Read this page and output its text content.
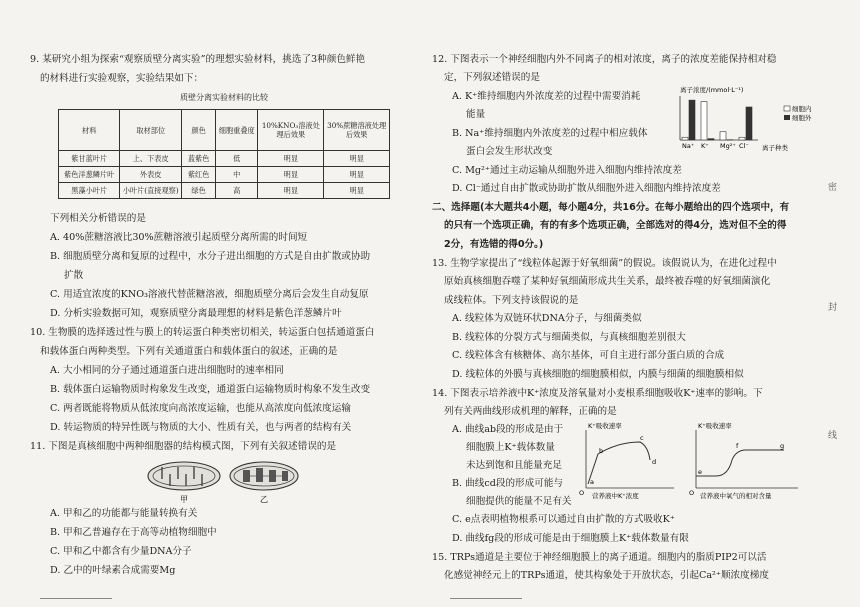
9. 某研究小组为探索“观察质壁分离实验”的理想实验材料，挑选了3种颜色鲜艳
的材料进行实验观察，实验结果如下：
质壁分离实验材料的比较
材料	取材部位	颜色	细胞重叠度	10%KNO₃溶液处理后效果	30%蔗糖溶液处理后效果
紫甘蓝叶片	上、下表皮	蓝紫色	低	明显	明显
紫色洋葱鳞片叶	外表皮	紫红色	中	明显	明显
黑藻小叶片	小叶片(直接观察)	绿色	高	明显	明显
下列相关分析错误的是
A. 40%蔗糖溶液比30%蔗糖溶液引起质壁分离所需的时间短
B. 细胞质壁分离和复原的过程中，水分子进出细胞的方式是自由扩散或协助
扩散
C. 用适宜浓度的KNO₃溶液代替蔗糖溶液，细胞质壁分离后会发生自动复原
D. 分析实验数据可知，观察质壁分离最理想的材料是紫色洋葱鳞片叶
10. 生物膜的选择透过性与膜上的转运蛋白种类密切相关，转运蛋白包括通道蛋白
和载体蛋白两种类型。下列有关通道蛋白和载体蛋白的叙述，正确的是
A. 大小相同的分子通过通道蛋白进出细胞时的速率相同
B. 载体蛋白运输物质时构象发生改变，通道蛋白运输物质时构象不发生改变
C. 两者既能将物质从低浓度向高浓度运输，也能从高浓度向低浓度运输
D. 转运物质的特异性既与物质的大小、性质有关，也与两者的结构有关
11. 下图是真核细胞中两种细胞器的结构模式图，下列有关叙述错误的是
甲	乙
A. 甲和乙的功能都与能量转换有关
B. 甲和乙普遍存在于高等动植物细胞中
C. 甲和乙中都含有少量DNA分子
D. 乙中的叶绿素合成需要Mg
12. 下图表示一个神经细胞内外不同离子的相对浓度，离子的浓度差能保持相对稳
定，下列叙述错误的是
A. K⁺维持细胞内外浓度差的过程中需要消耗
能量
B. Na⁺维持细胞内外浓度差的过程中相应载体
蛋白会发生形状改变
C. Mg²⁺通过主动运输从细胞外进入细胞内维持浓度差
D. Cl⁻通过自由扩散或协助扩散从细胞外进入细胞内维持浓度差
离子浓度/(mmol·L⁻¹)
Na⁺ K⁺ Mg²⁺ Cl⁻ 离子种类
细胞内
细胞外
二、选择题(本大题共4小题，每小题4分，共16分。在每小题给出的四个选项中，有
的只有一个选项正确，有的有多个选项正确，全部选对的得4分，选对但不全的得
2分，有选错的得0分。)
13. 生物学家提出了“线粒体起源于好氧细菌”的假说。该假说认为，在进化过程中
原始真核细胞吞噬了某种好氧细菌形成共生关系，最终被吞噬的好氧细菌演化
成线粒体。下列支持该假说的是
A. 线粒体为双链环状DNA分子，与细菌类似
B. 线粒体的分裂方式与细菌类似，与真核细胞差别很大
C. 线粒体含有核糖体、高尔基体，可自主进行部分蛋白质的合成
D. 线粒体的外膜与真核细胞的细胞膜相似，内膜与细菌的细胞膜相似
14. 下图表示培养液中K⁺浓度及溶氧量对小麦根系细胞吸收K⁺速率的影响。下
列有关两曲线形成机理的解释，正确的是
A. 曲线ab段的形成是由于
细胞膜上K⁺载体数量
未达到饱和且能量充足
B. 曲线cd段的形成可能与
细胞提供的能量不足有关
C. e点表明植物根系可以通过自由扩散的方式吸收K⁺
D. 曲线fg段的形成可能是由于细胞膜上K⁺载体数量有限
K⁺吸收速率
a
b
c
d
O 营养液中K⁺浓度
K⁺吸收速率
e
f	g
O 营养液中氧气的相对含量
15. TRPs通道是主要位于神经细胞膜上的离子通道。细胞内的脂质PIP2可以活
化感觉神经元上的TRPs通道，使其构象处于开放状态，引起Ca²⁺顺浓度梯度
密
封
线
